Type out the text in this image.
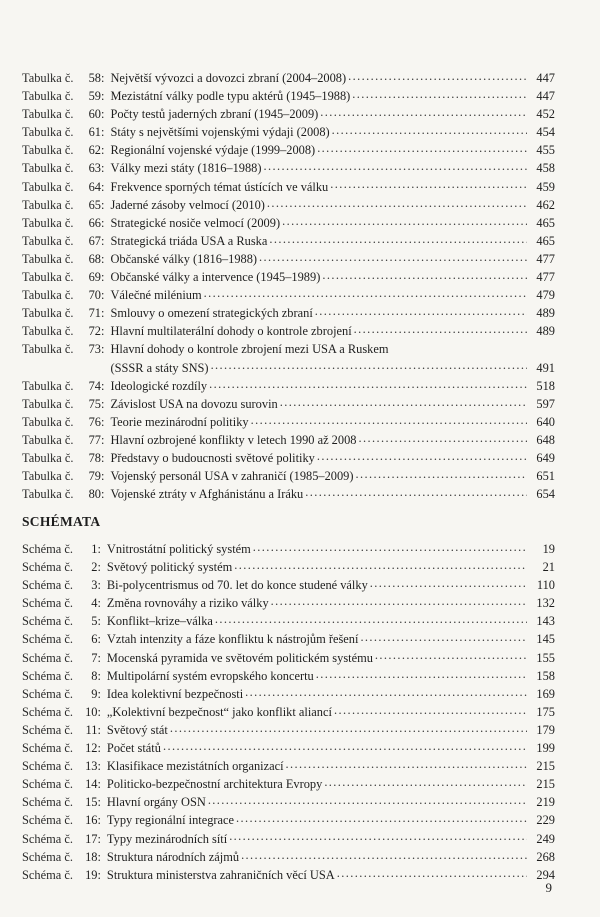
Tabulka č.	58: Největší vývozci a dovozci zbraní (2004–2008) .....	447
Tabulka č.	59: Mezistátní války podle typu aktérů (1945–1988) .....	447
Tabulka č.	60: Počty testů jaderných zbraní (1945–2009) .....	452
Tabulka č.	61: Státy s největšími vojenskými výdaji (2008) .....	454
Tabulka č.	62: Regionální vojenské výdaje (1999–2008) .....	455
Tabulka č.	63: Války mezi státy (1816–1988) .....	458
Tabulka č.	64: Frekvence sporných témat ústících ve válku .....	459
Tabulka č.	65: Jaderné zásoby velmocí (2010) .....	462
Tabulka č.	66: Strategické nosiče velmocí (2009) .....	465
Tabulka č.	67: Strategická triáda USA a Ruska .....	465
Tabulka č.	68: Občanské války (1816–1988) .....	477
Tabulka č.	69: Občanské války a intervence (1945–1989) .....	477
Tabulka č.	70: Válečné milénium .....	479
Tabulka č.	71: Smlouvy o omezení strategických zbraní .....	489
Tabulka č.	72: Hlavní multilaterální dohody o kontrole zbrojení .....	489
Tabulka č.	73: Hlavní dohody o kontrole zbrojení mezi USA a Ruskem
(SSSR a státy SNS) .....	491
Tabulka č.	74: Ideologické rozdíly .....	518
Tabulka č.	75: Závislost USA na dovozu surovin .....	597
Tabulka č.	76: Teorie mezinárodní politiky .....	640
Tabulka č.	77: Hlavní ozbrojené konflikty v letech 1990 až 2008 .....	648
Tabulka č.	78: Představy o budoucnosti světové politiky .....	649
Tabulka č.	79: Vojenský personál USA v zahraničí (1985–2009) .....	651
Tabulka č.	80: Vojenské ztráty v Afghánistánu a Iráku .....	654
SCHÉMATA
Schéma č.	1: Vnitrostátní politický systém .....	19
Schéma č.	2: Světový politický systém .....	21
Schéma č.	3: Bi-polycentrismus od 70. let do konce studené války .....	110
Schéma č.	4: Změna rovnováhy a riziko války .....	132
Schéma č.	5: Konflikt–krize–válka .....	143
Schéma č.	6: Vztah intenzity a fáze konfliktu k nástrojům řešení .....	145
Schéma č.	7: Mocenská pyramida ve světovém politickém systému .....	155
Schéma č.	8: Multipolární systém evropského koncertu .....	158
Schéma č.	9: Idea kolektivní bezpečnosti .....	169
Schéma č. 10: „Kolektivní bezpečnost“ jako konflikt aliancí .....	175
Schéma č.	11: Světový stát .....	179
Schéma č. 12: Počet států .....	199
Schéma č. 13: Klasifikace mezistátních organizací .....	215
Schéma č. 14: Politicko-bezpečnostní architektura Evropy .....	215
Schéma č. 15: Hlavní orgány OSN .....	219
Schéma č. 16: Typy regionální integrace .....	229
Schéma č. 17: Typy mezinárodních sítí .....	249
Schéma č. 18: Struktura národních zájmů .....	268
Schéma č. 19: Struktura ministerstva zahraničních věcí USA .....	294
9
